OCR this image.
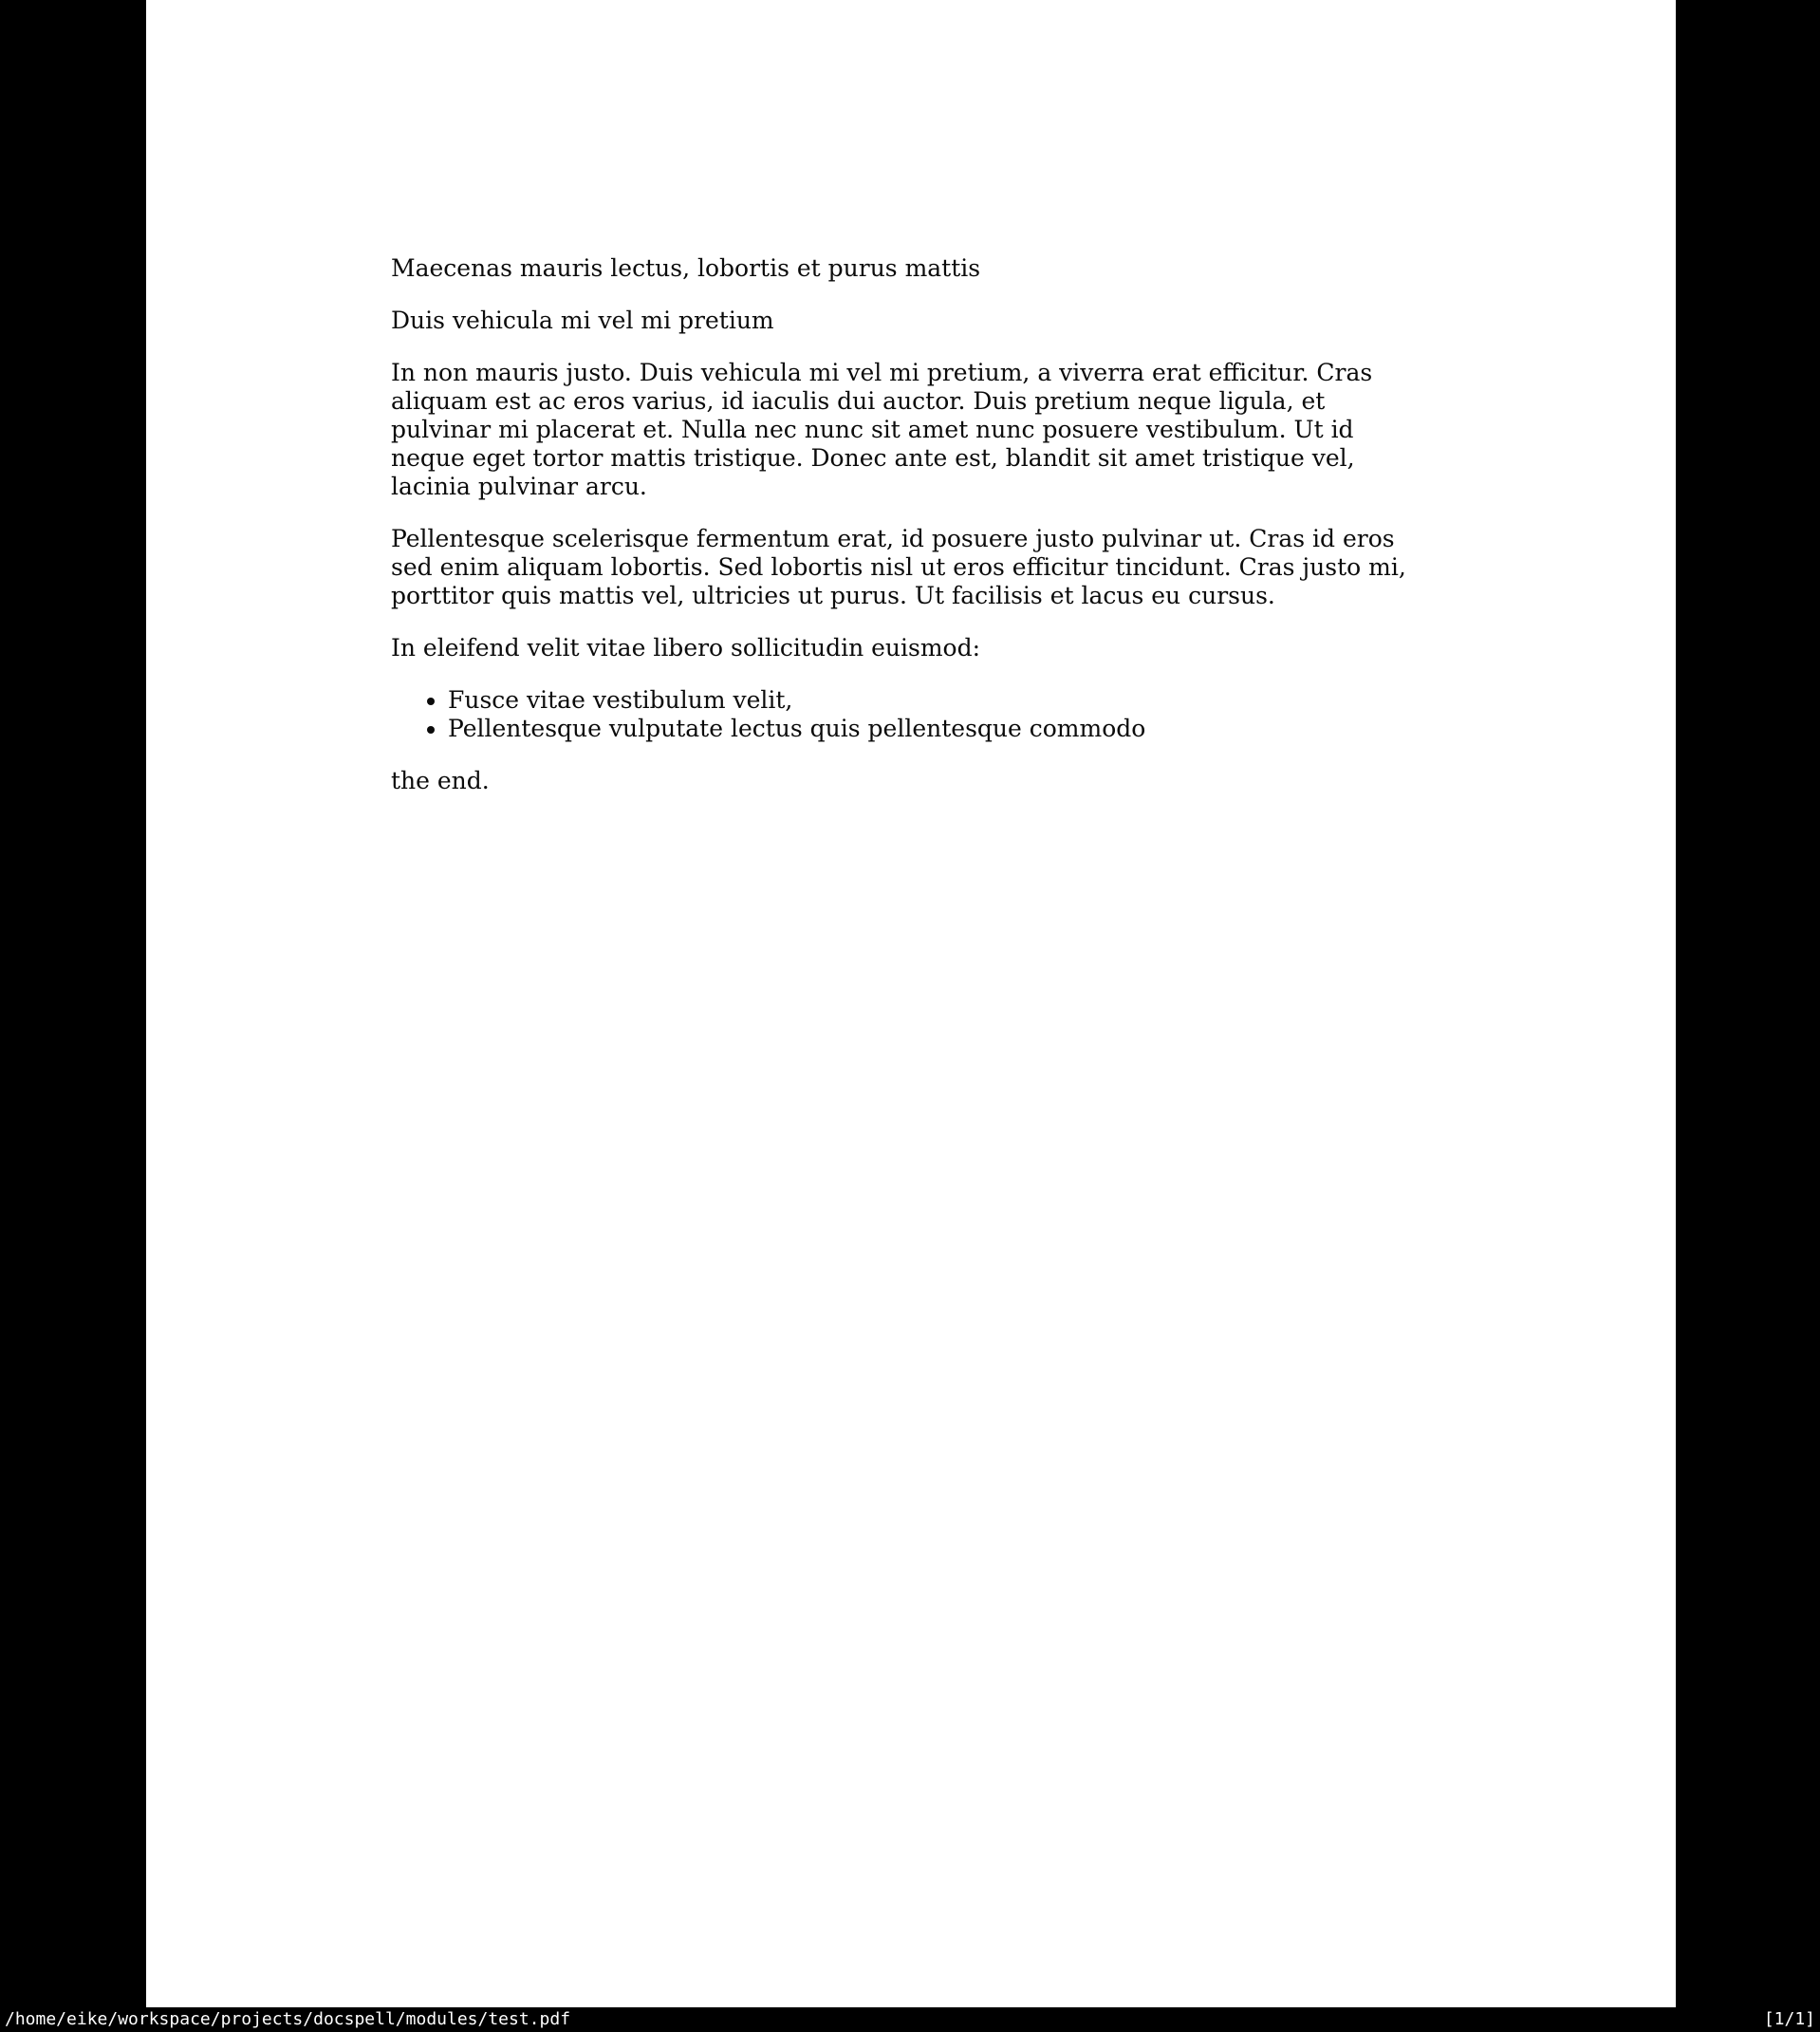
Maecenas mauris lectus, lobortis et purus mattis

Duis vehicula mi vel mi pretium

In non mauris justo. Duis vehicula mi vel mi pretium, a viverra erat efficitur. Cras aliquam est ac eros varius, id iaculis dui auctor. Duis pretium neque ligula, et pulvinar mi placerat et. Nulla nec nunc sit amet nunc posuere vestibulum. Ut id neque eget tortor mattis tristique. Donec ante est, blandit sit amet tristique vel, lacinia pulvinar arcu.

Pellentesque scelerisque fermentum erat, id posuere justo pulvinar ut. Cras id eros sed enim aliquam lobortis. Sed lobortis nisl ut eros efficitur tincidunt. Cras justo mi, porttitor quis mattis vel, ultricies ut purus. Ut facilisis et lacus eu cursus.

In eleifend velit vitae libero sollicitudin euismod:

• Fusce vitae vestibulum velit,
• Pellentesque vulputate lectus quis pellentesque commodo

the end.

/home/eike/workspace/projects/docspell/modules/test.pdf	[1/1]
